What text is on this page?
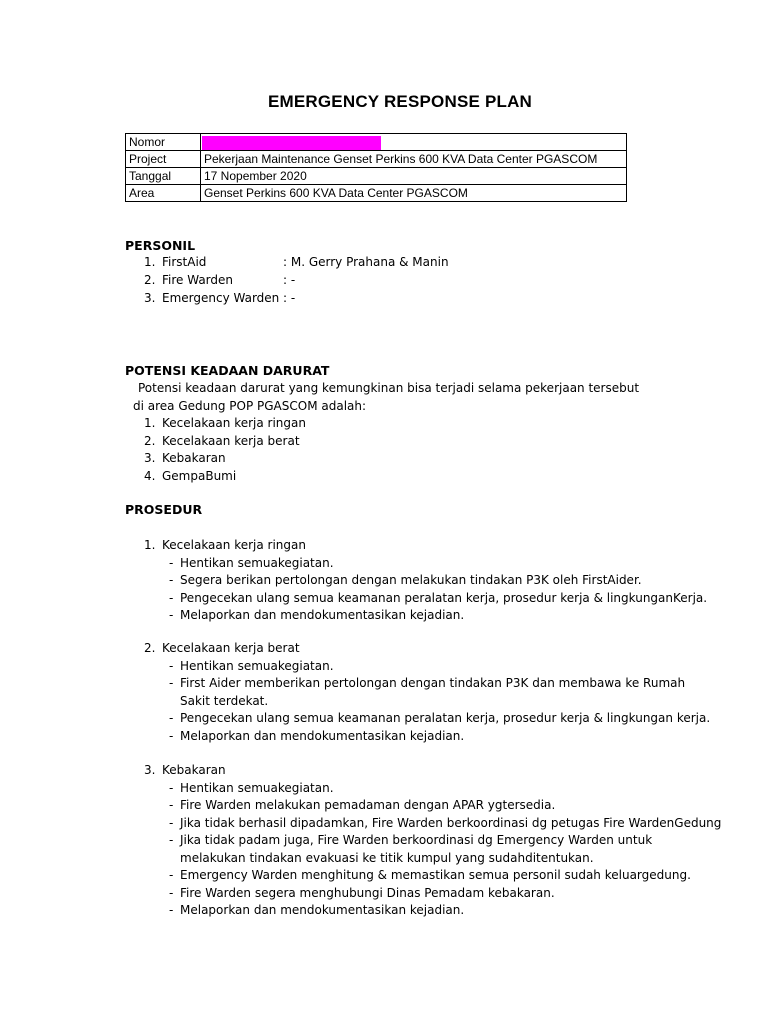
EMERGENCY RESPONSE PLAN
Nomor	
Project	Pekerjaan Maintenance Genset Perkins 600 KVA Data Center PGASCOM
Tanggal	17 Nopember 2020
Area	Genset Perkins 600 KVA Data Center PGASCOM
PERSONIL
1. FirstAid	: M. Gerry Prahana & Manin
2. Fire Warden	: -
3. Emergency Warden : -
POTENSI KEADAAN DARURAT
Potensi keadaan darurat yang kemungkinan bisa terjadi selama pekerjaan tersebut
di area Gedung POP PGASCOM adalah:
1. Kecelakaan kerja ringan
2. Kecelakaan kerja berat
3. Kebakaran
4. GempaBumi
PROSEDUR
1. Kecelakaan kerja ringan
- Hentikan semuakegiatan.
- Segera berikan pertolongan dengan melakukan tindakan P3K oleh FirstAider.
- Pengecekan ulang semua keamanan peralatan kerja, prosedur kerja & lingkunganKerja.
- Melaporkan dan mendokumentasikan kejadian.
2. Kecelakaan kerja berat
- Hentikan semuakegiatan.
- First Aider memberikan pertolongan dengan tindakan P3K dan membawa ke Rumah
Sakit terdekat.
- Pengecekan ulang semua keamanan peralatan kerja, prosedur kerja & lingkungan kerja.
- Melaporkan dan mendokumentasikan kejadian.
3. Kebakaran
- Hentikan semuakegiatan.
- Fire Warden melakukan pemadaman dengan APAR ygtersedia.
- Jika tidak berhasil dipadamkan, Fire Warden berkoordinasi dg petugas Fire WardenGedung
- Jika tidak padam juga, Fire Warden berkoordinasi dg Emergency Warden untuk
melakukan tindakan evakuasi ke titik kumpul yang sudahditentukan.
- Emergency Warden menghitung & memastikan semua personil sudah keluargedung.
- Fire Warden segera menghubungi Dinas Pemadam kebakaran.
- Melaporkan dan mendokumentasikan kejadian.
